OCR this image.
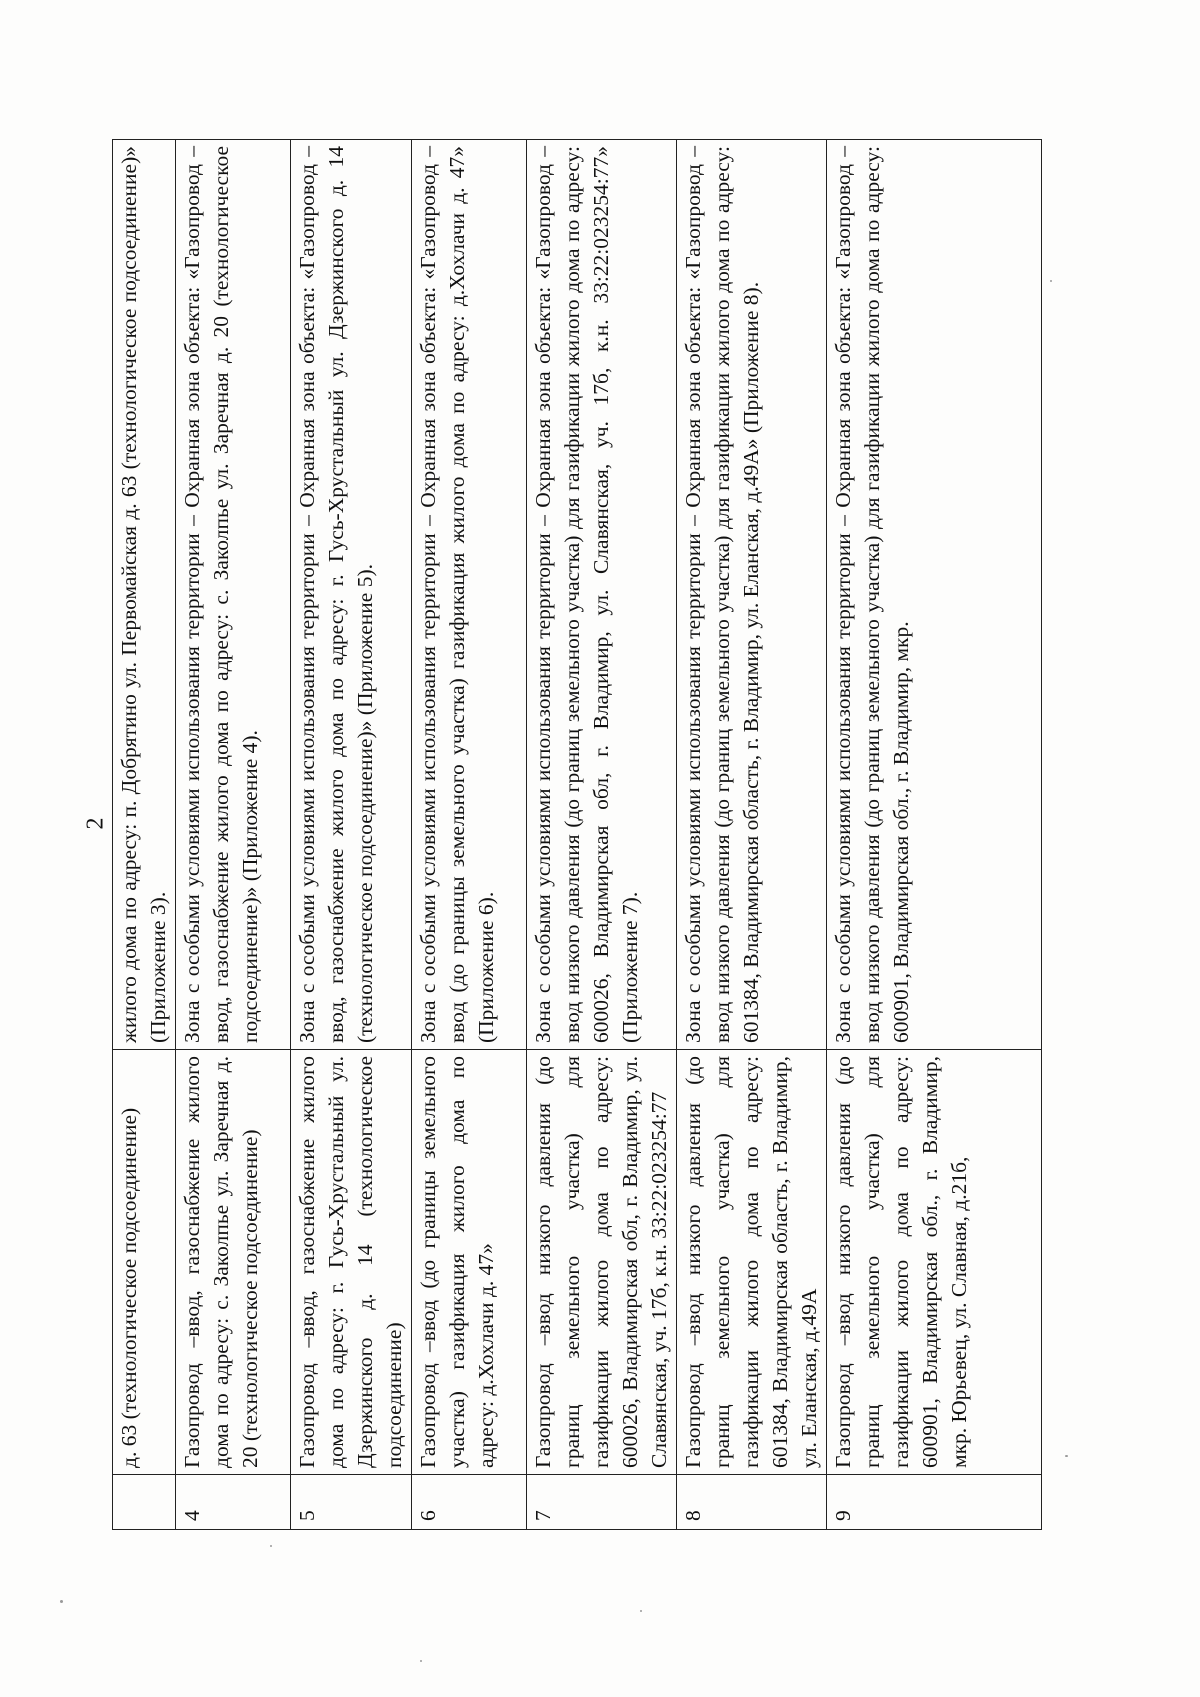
2
	д. 63 (технологическое подсоединение)	жилого дома по адресу: п. Добрятино ул. Первомайская д. 63 (технологическое подсоединение)» (Приложение 3).
4	Газопровод –ввод, газоснабжение жилого дома по адресу: с. Заколпье ул. Заречная д. 20 (технологическое подсоединение)	Зона с особыми условиями использования территории – Охранная зона объекта: «Газопровод –ввод, газоснабжение жилого дома по адресу: с. Заколпье ул. Заречная д. 20 (технологическое подсоединение)» (Приложение 4).
5	Газопровод –ввод, газоснабжение жилого дома по адресу: г. Гусь-Хрустальный ул. Дзержинского д. 14 (технологическое подсоединение)	Зона с особыми условиями использования территории – Охранная зона объекта: «Газопровод –ввод, газоснабжение жилого дома по адресу: г. Гусь-Хрустальный ул. Дзержинского д. 14 (технологическое подсоединение)» (Приложение 5).
6	Газопровод –ввод (до границы земельного участка) газификация жилого дома по адресу: д.Хохлачи д. 47»	Зона с особыми условиями использования территории – Охранная зона объекта: «Газопровод –ввод (до границы земельного участка) газификация жилого дома по адресу: д.Хохлачи д. 47» (Приложение 6).
7	Газопровод –ввод низкого давления (до границ земельного участка) для газификации жилого дома по адресу: 600026, Владимирская обл, г. Владимир, ул. Славянская, уч. 17б, к.н. 33:22:023254:77	Зона с особыми условиями использования территории – Охранная зона объекта: «Газопровод –ввод низкого давления (до границ земельного участка) для газификации жилого дома по адресу: 600026, Владимирская обл, г. Владимир, ул. Славянская, уч. 17б, к.н. 33:22:023254:77» (Приложение 7).
8	Газопровод –ввод низкого давления (до границ земельного участка) для газификации жилого дома по адресу: 601384, Владимирская область, г. Владимир, ул. Еланская, д.49А	Зона с особыми условиями использования территории – Охранная зона объекта: «Газопровод –ввод низкого давления (до границ земельного участка) для газификации жилого дома по адресу: 601384, Владимирская область, г. Владимир, ул. Еланская, д.49А» (Приложение 8).
9	Газопровод –ввод низкого давления (до границ земельного участка) для газификации жилого дома по адресу: 600901, Владимирская обл., г. Владимир, мкр. Юрьевец, ул. Славная, д.21б,	Зона с особыми условиями использования территории – Охранная зона объекта: «Газопровод –ввод низкого давления (до границ земельного участка) для газификации жилого дома по адресу: 600901, Владимирская обл., г. Владимир, мкр.
